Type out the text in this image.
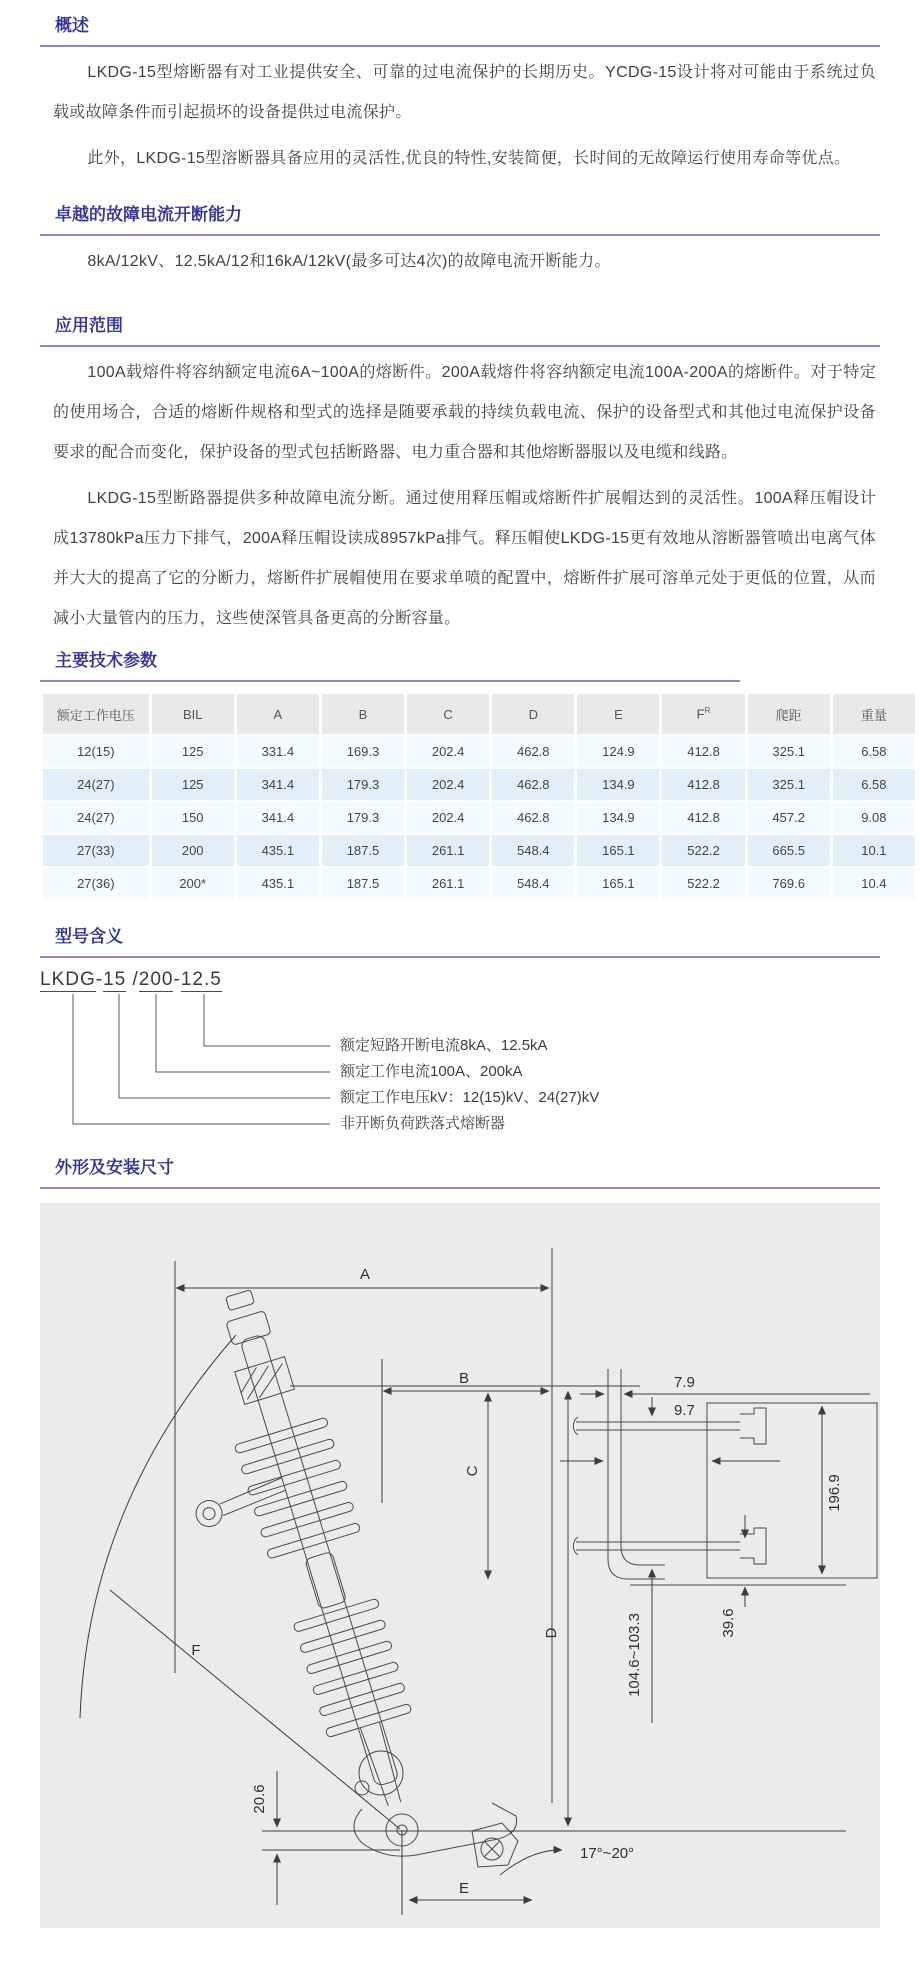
概述

LKDG-15型熔断器有对工业提供安全、可靠的过电流保护的长期历史。YCDG-15设计将对可能由于系统过负载或故障条件而引起损坏的设备提供过电流保护。

此外，LKDG-15型溶断器具备应用的灵活性,优良的特性,安装简便，长时间的无故障运行使用寿命等优点。

卓越的故障电流开断能力

8kA/12kV、12.5kA/12和16kA/12kV(最多可达4次)的故障电流开断能力。

应用范围

100A载熔件将容纳额定电流6A~100A的熔断件。200A载熔件将容纳额定电流100A-200A的熔断件。对于特定的使用场合，合适的熔断件规格和型式的选择是随要承载的持续负载电流、保护的设备型式和其他过电流保护设备要求的配合而变化，保护设备的型式包括断路器、电力重合器和其他熔断器服以及电缆和线路。

LKDG-15型断路器提供多种故障电流分断。通过使用释压帽或熔断件扩展帽达到的灵活性。100A释压帽设计成13780kPa压力下排气，200A释压帽设读成8957kPa排气。释压帽使LKDG-15更有效地从溶断器管喷出电离气体并大大的提高了它的分断力，熔断件扩展帽使用在要求单喷的配置中，熔断件扩展可溶单元处于更低的位置，从而减小大量管内的压力，这些使深管具备更高的分断容量。

主要技术参数
额定工作电压	BIL	A	B	C	D	E	$F^R$	爬距	重量
12(15)	125	331.4	169.3	202.4	462.8	124.9	412.8	325.1	6.58
24(27)	125	341.4	179.3	202.4	462.8	134.9	412.8	325.1	6.58
24(27)	150	341.4	179.3	202.4	462.8	134.9	412.8	457.2	9.08
27(33)	200	435.1	187.5	261.1	548.4	165.1	522.2	665.5	10.1
27(36)	200*	435.1	187.5	261.1	548.4	165.1	522.2	769.6	10.4
型号含义
LKDG-15 /200-12.5
额定短路开断电流8kA、12.5kA
额定工作电流100A、200kA
额定工作电压kV：12(15)kV、24(27)kV
非开断负荷跌落式熔断器
外形及安装尺寸
A
B
C
D
E
F
7.9
9.7
196.9
104.6~103.3	39.6
20.6
17°~20°
